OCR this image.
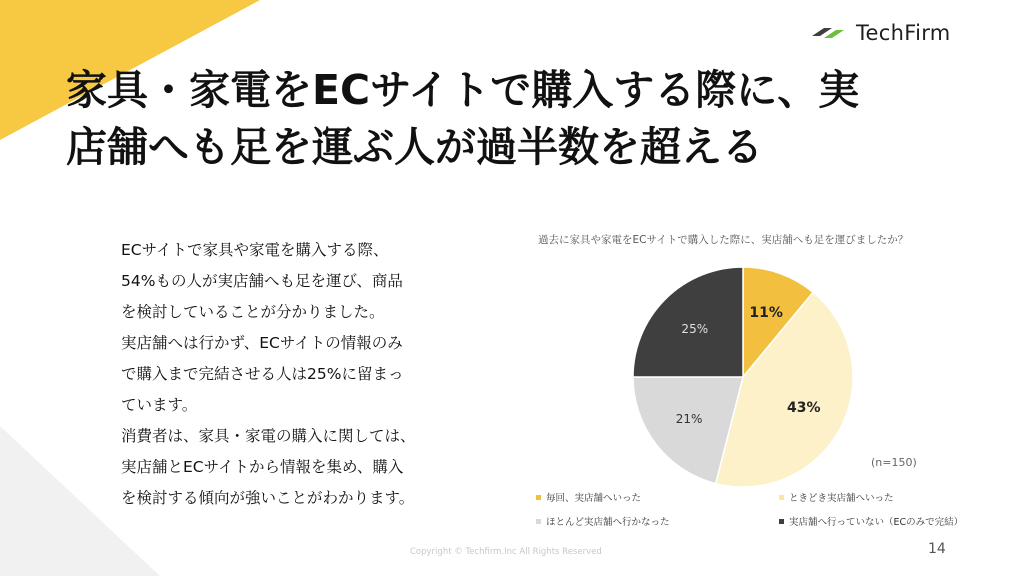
TechFirm
家具・家電をECサイトで購入する際に、実
店舗へも足を運ぶ人が過半数を超える
ECサイトで家具や家電を購入する際、
54%もの人が実店舗へも足を運び、商品
を検討していることが分かりました。
実店舗へは行かず、ECサイトの情報のみ
で購入まで完結させる人は25%に留まっ
ています。
消費者は、家具・家電の購入に関しては、
実店舗とECサイトから情報を集め、購入
を検討する傾向が強いことがわかります。
過去に家具や家電をECサイトで購入した際に、実店舗へも足を運びましたか？
11%
43%
21%
25%
(n=150)
毎回、実店舗へいった	ときどき実店舗へいった
ほとんど実店舗へ行かなった	実店舗へ行っていない（ECのみで完結）
Copyright © Techfirm.Inc All Rights Reserved	14
